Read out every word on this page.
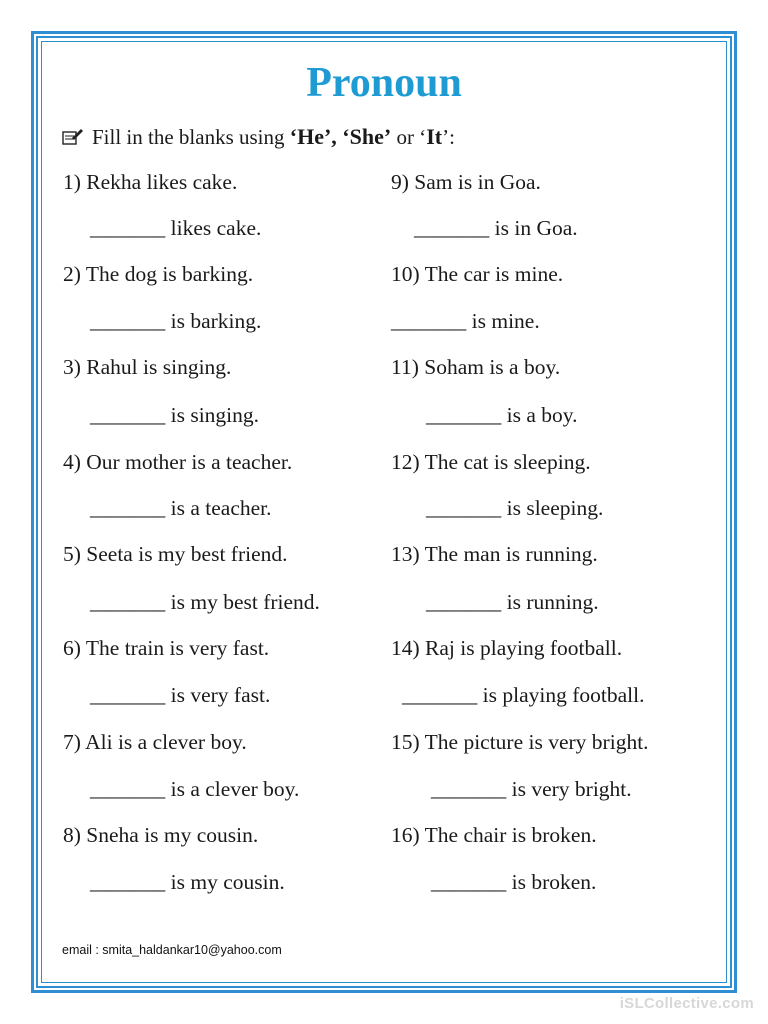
Pronoun
Fill in the blanks using ‘He’, ‘She’ or ‘It’:
1) Rekha likes cake.
_______ likes cake.
2) The dog is barking.
_______ is barking.
3) Rahul is singing.
_______ is singing.
4) Our mother is a teacher.
_______ is a teacher.
5) Seeta is my best friend.
_______ is my best friend.
6) The train is very fast.
_______ is very fast.
7) Ali is a clever boy.
_______ is a clever boy.
8) Sneha is my cousin.
_______ is my cousin.
9) Sam is in Goa.
_______ is in Goa.
10) The car is mine.
_______ is mine.
11) Soham is a boy.
_______ is a boy.
12) The cat is sleeping.
_______ is sleeping.
13) The man is running.
_______ is running.
14) Raj is playing football.
_______ is playing football.
15) The picture is very bright.
_______ is very bright.
16) The chair is broken.
_______ is broken.
email : smita_haldankar10@yahoo.com
iSLCollective.com
